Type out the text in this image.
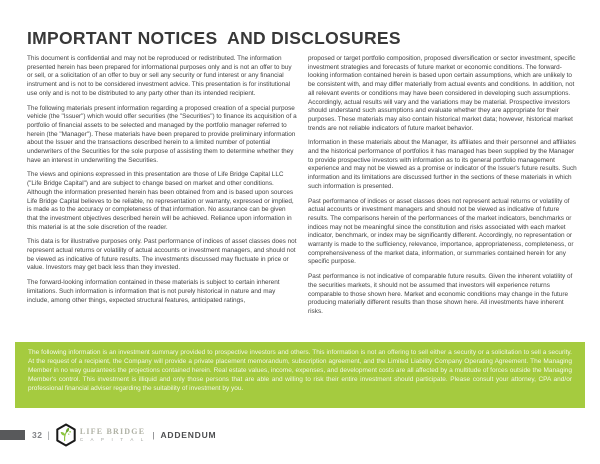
IMPORTANT NOTICES  AND DISCLOSURES

This document is confidential and may not be reproduced or redistributed. The information presented herein has been prepared for informational purposes only and is not an offer to buy or sell, or a solicitation of an offer to buy or sell any security or fund interest or any financial instrument and is not to be considered investment advice. This presentation is for institutional use only and is not to be distributed to any party other than its intended recipient.

The following materials present information regarding a proposed creation of a special purpose vehicle (the "Issuer") which would offer securities (the "Securities") to finance its acquisition of a portfolio of financial assets to be selected and managed by the portfolio manager referred to herein (the "Manager"). These materials have been prepared to provide preliminary information about the Issuer and the transactions described herein to a limited number of potential underwriters of the Securities for the sole purpose of assisting them to determine whether they have an interest in underwriting the Securities.

The views and opinions expressed in this presentation are those of Life Bridge Capital LLC ("Life Bridge Capital") and are subject to change based on market and other conditions. Although the information presented herein has been obtained from and is based upon sources Life Bridge Capital believes to be reliable, no representation or warranty, expressed or implied, is made as to the accuracy or completeness of that information. No assurance can be given that the investment objectives described herein will be achieved. Reliance upon information in this material is at the sole discretion of the reader.

This data is for illustrative purposes only. Past performance of indices of asset classes does not represent actual returns or volatility of actual accounts or investment managers, and should not be viewed as indicative of future results. The investments discussed may fluctuate in price or value. Investors may get back less than they invested.

The forward-looking information contained in these materials is subject to certain inherent limitations. Such information is information that is not purely historical in nature and may include, among other things, expected structural features, anticipated ratings,

proposed or target portfolio composition, proposed diversification or sector investment, specific investment strategies and forecasts of future market or economic conditions. The forward-looking information contained herein is based upon certain assumptions, which are unlikely to be consistent with, and may differ materially from actual events and conditions. In addition, not all relevant events or conditions may have been considered in developing such assumptions. Accordingly, actual results will vary and the variations may be material. Prospective investors should understand such assumptions and evaluate whether they are appropriate for their purposes. These materials may also contain historical market data; however, historical market trends are not reliable indicators of future market behavior.

Information in these materials about the Manager, its affiliates and their personnel and affiliates and the historical performance of portfolios it has managed has been supplied by the Manager to provide prospective investors with information as to its general portfolio management experience and may not be viewed as a promise or indicator of the Issuer's future results. Such information and its limitations are discussed further in the sections of these materials in which such information is presented.

Past performance of indices or asset classes does not represent actual returns or volatility of actual accounts or investment managers and should not be viewed as indicative of future results. The comparisons herein of the performances of the market indicators, benchmarks or indices may not be meaningful since the constitution and risks associated with each market indicator, benchmark, or index may be significantly different. Accordingly, no representation or warranty is made to the sufficiency, relevance, importance, appropriateness, completeness, or comprehensiveness of the market data, information, or summaries contained herein for any specific purpose.

Past performance is not indicative of comparable future results. Given the inherent volatility of the securities markets, it should not be assumed that investors will experience returns comparable to those shown here. Market and economic conditions may change in the future producing materially different results than those shown here. All investments have inherent risks.

The following information is an investment summary provided to prospective investors and others. This information is not an offering to sell either a security or a solicitation to sell a security. At the request of a recipient, the Company will provide a private placement memorandum, subscription agreement, and the Limited Liability Company Operating Agreement. The Managing Member in no way guarantees the projections contained herein. Real estate values, income, expenses, and development costs are all affected by a multitude of forces outside the Managing Member's control. This investment is illiquid and only those persons that are able and willing to risk their entire investment should participate. Please consult your attorney, CPA and/or professional financial adviser regarding the suitability of investment by you.

32 |	LIFE BRIDGE
C A P I T A L | ADDENDUM
